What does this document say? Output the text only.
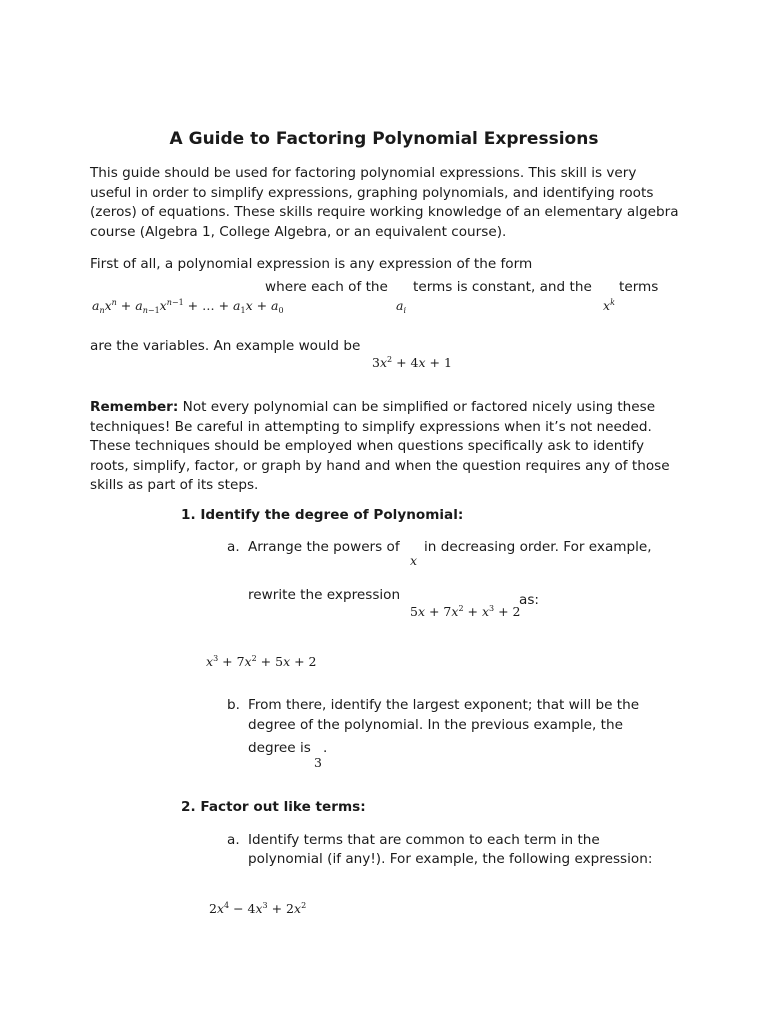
A Guide to Factoring Polynomial Expressions
This guide should be used for factoring polynomial expressions. This skill is very useful in order to simplify expressions, graphing polynomials, and identifying roots (zeros) of equations. These skills require working knowledge of an elementary algebra course (Algebra 1, College Algebra, or an equivalent course).
First of all, a polynomial expression is any expression of the form
$a_nx^n + a_{n-1}x^{n-1}$ + … + $a_1x + a_0$
where each of the
$a_i$
terms is constant, and the
$x^k$
terms
are the variables. An example would be
$3x^2 + 4x + 1$
Remember: Not every polynomial can be simplified or factored nicely using these techniques! Be careful in attempting to simplify expressions when it’s not needed. These techniques should be employed when questions specifically ask to identify roots, simplify, factor, or graph by hand and when the question requires any of those skills as part of its steps.
1. Identify the degree of Polynomial:
a. Arrange the powers of
x
in decreasing order. For example,
rewrite the expression
$5x + 7x^2 + x^3 + 2$
as:
$x^3 + 7x^2 + 5x + 2$
b. From there, identify the largest exponent; that will be the
degree of the polynomial. In the previous example, the
degree is
3
.
2. Factor out like terms:
a. Identify terms that are common to each term in the
polynomial (if any!). For example, the following expression:
$2x^4 - 4x^3 + 2x^2$
